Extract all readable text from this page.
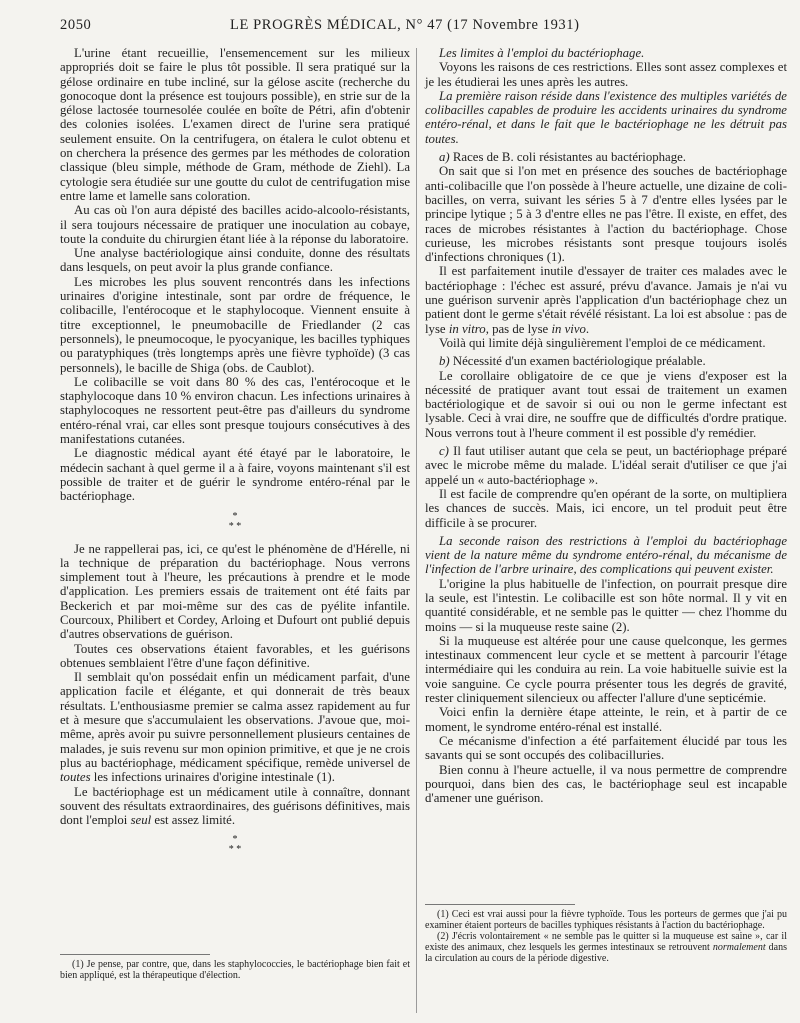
2050	LE PROGRÈS MÉDICAL, N° 47 (17 Novembre 1931)

L'urine étant recueillie, l'ensemencement sur les milieux appropriés doit se faire le plus tôt possible. Il sera pratiqué sur la gélose ordinaire en tube incliné, sur la gélose ascite (recherche du gonocoque dont la présence est toujours possible), en strie sur de la gélose lactosée tournesolée coulée en boîte de Pétri, afin d'obtenir des colonies isolées. L'examen direct de l'urine sera pratiqué seulement ensuite. On la centrifugera, on étalera le culot obtenu et on cherchera la présence des germes par les méthodes de coloration classique (bleu simple, méthode de Gram, méthode de Ziehl). La cytologie sera étudiée sur une goutte du culot de centrifugation mise entre lame et lamelle sans coloration.

Au cas où l'on aura dépisté des bacilles acido-alcoolo-résistants, il sera toujours nécessaire de pratiquer une inoculation au cobaye, toute la conduite du chirurgien étant liée à la réponse du laboratoire.

Une analyse bactériologique ainsi conduite, donne des résultats dans lesquels, on peut avoir la plus grande confiance.

Les microbes les plus souvent rencontrés dans les infections urinaires d'origine intestinale, sont par ordre de fréquence, le colibacille, l'entérocoque et le staphylocoque. Viennent ensuite à titre exceptionnel, le pneumobacille de Friedlander (2 cas personnels), le pneumocoque, le pyocyanique, les bacilles typhiques ou paratyphiques (très longtemps après une fièvre typhoïde) (3 cas personnels), le bacille de Shiga (obs. de Caublot).

Le colibacille se voit dans 80 % des cas, l'entérocoque et le staphylocoque dans 10 % environ chacun. Les infections urinaires à staphylocoques ne ressortent peut-être pas d'ailleurs du syndrome entéro-rénal vrai, car elles sont presque toujours consécutives à des manifestations cutanées.

Le diagnostic médical ayant été étayé par le laboratoire, le médecin sachant à quel germe il a à faire, voyons maintenant s'il est possible de traiter et de guérir le syndrome entéro-rénal par le bactériophage.

*
* *

Je ne rappellerai pas, ici, ce qu'est le phénomène de d'Hérelle, ni la technique de préparation du bactériophage. Nous verrons simplement tout à l'heure, les précautions à prendre et le mode d'application. Les premiers essais de traitement ont été faits par Beckerich et par moi-même sur des cas de pyélite infantile. Courcoux, Philibert et Cordey, Arloing et Dufourt ont publié depuis d'autres observations de guérison.

Toutes ces observations étaient favorables, et les guérisons obtenues semblaient l'être d'une façon définitive.

Il semblait qu'on possédait enfin un médicament parfait, d'une application facile et élégante, et qui donnerait de très beaux résultats. L'enthousiasme premier se calma assez rapidement au fur et à mesure que s'accumulaient les observations. J'avoue que, moi-même, après avoir pu suivre personnellement plusieurs centaines de malades, je suis revenu sur mon opinion primitive, et que je ne crois plus au bactériophage, médicament spécifique, remède universel de toutes les infections urinaires d'origine intestinale (1).

Le bactériophage est un médicament utile à connaître, donnant souvent des résultats extraordinaires, des guérisons définitives, mais dont l'emploi seul est assez limité.

*
* *

(1) Je pense, par contre, que, dans les staphylococcies, le bactériophage bien fait et bien appliqué, est la thérapeutique d'élection.

Les limites à l'emploi du bactériophage.

Voyons les raisons de ces restrictions. Elles sont assez complexes et je les étudierai les unes après les autres.

La première raison réside dans l'existence des multiples variétés de colibacilles capables de produire les accidents urinaires du syndrome entéro-rénal, et dans le fait que le bactériophage ne les détruit pas toutes.

a) Races de B. coli résistantes au bactériophage.

On sait que si l'on met en présence des souches de bactériophage anti-colibacille que l'on possède à l'heure actuelle, une dizaine de coli-bacilles, on verra, suivant les séries 5 à 7 d'entre elles lysées par le principe lytique ; 5 à 3 d'entre elles ne pas l'être. Il existe, en effet, des races de microbes résistantes à l'action du bactériophage. Chose curieuse, les microbes résistants sont presque toujours isolés d'infections chroniques (1).

Il est parfaitement inutile d'essayer de traiter ces malades avec le bactériophage : l'échec est assuré, prévu d'avance. Jamais je n'ai vu une guérison survenir après l'application d'un bactériophage chez un patient dont le germe s'était révélé résistant. La loi est absolue : pas de lyse in vitro, pas de lyse in vivo.

Voilà qui limite déjà singulièrement l'emploi de ce médicament.

b) Nécessité d'un examen bactériologique préalable.

Le corollaire obligatoire de ce que je viens d'exposer est la nécessité de pratiquer avant tout essai de traitement un examen bactériologique et de savoir si oui ou non le germe infectant est lysable. Ceci à vrai dire, ne souffre que de difficultés d'ordre pratique. Nous verrons tout à l'heure comment il est possible d'y remédier.

c) Il faut utiliser autant que cela se peut, un bactériophage préparé avec le microbe même du malade. L'idéal serait d'utiliser ce que j'ai appelé un « auto-bactériophage ».

Il est facile de comprendre qu'en opérant de la sorte, on multipliera les chances de succès. Mais, ici encore, un tel produit peut être difficile à se procurer.

La seconde raison des restrictions à l'emploi du bactériophage vient de la nature même du syndrome entéro-rénal, du mécanisme de l'infection de l'arbre urinaire, des complications qui peuvent exister.

L'origine la plus habituelle de l'infection, on pourrait presque dire la seule, est l'intestin. Le colibacille est son hôte normal. Il y vit en quantité considérable, et ne semble pas le quitter — chez l'homme du moins — si la muqueuse reste saine (2).

Si la muqueuse est altérée pour une cause quelconque, les germes intestinaux commencent leur cycle et se mettent à parcourir l'étage intermédiaire qui les conduira au rein. La voie habituelle suivie est la voie sanguine. Ce cycle pourra présenter tous les degrés de gravité, rester cliniquement silencieux ou affecter l'allure d'une septicémie.

Voici enfin la dernière étape atteinte, le rein, et à partir de ce moment, le syndrome entéro-rénal est installé.

Ce mécanisme d'infection a été parfaitement élucidé par tous les savants qui se sont occupés des colibacilluries.

Bien connu à l'heure actuelle, il va nous permettre de comprendre pourquoi, dans bien des cas, le bactériophage seul est incapable d'amener une guérison.

(1) Ceci est vrai aussi pour la fièvre typhoïde. Tous les porteurs de germes que j'ai pu examiner étaient porteurs de bacilles typhiques résistants à l'action du bactériophage.

(2) J'écris volontairement « ne semble pas le quitter si la muqueuse est saine », car il existe des animaux, chez lesquels les germes intestinaux se retrouvent normalement dans la circulation au cours de la période digestive.
